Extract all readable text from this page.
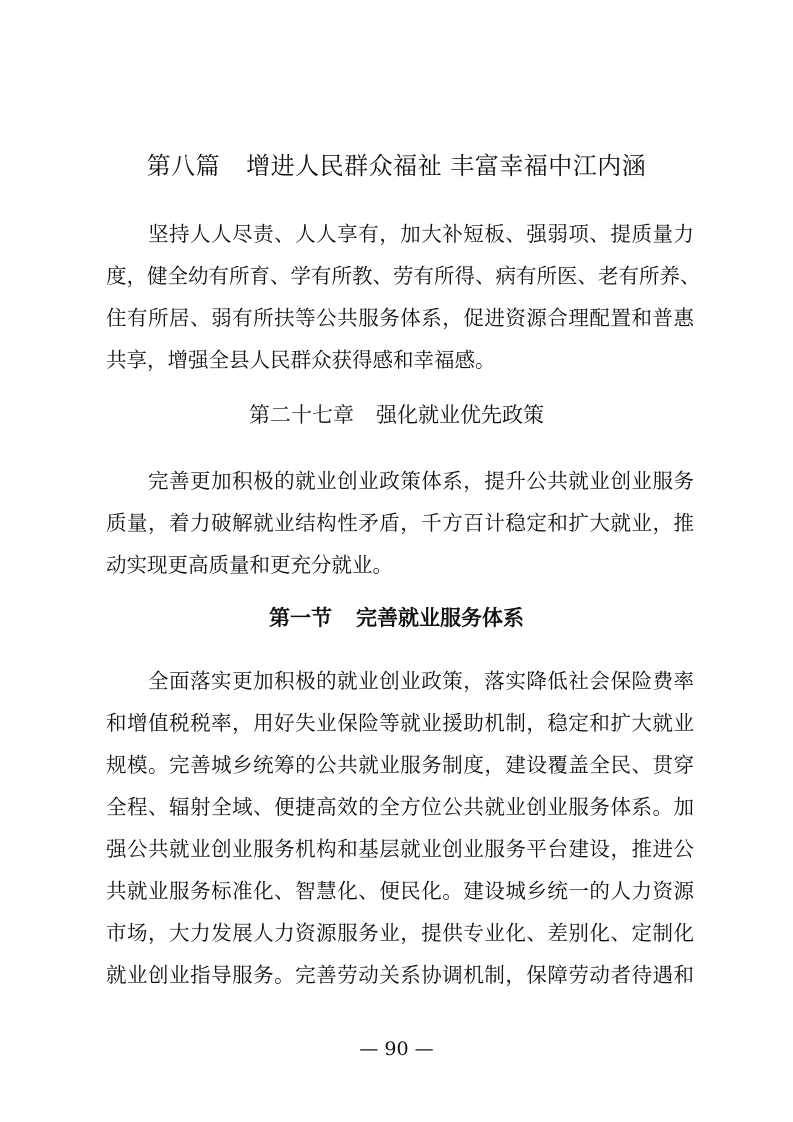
第八篇 增进人民群众福祉 丰富幸福中江内涵
坚持人人尽责、人人享有，加大补短板、强弱项、提质量力
度，健全幼有所育、学有所教、劳有所得、病有所医、老有所养、
住有所居、弱有所扶等公共服务体系，促进资源合理配置和普惠
共享，增强全县人民群众获得感和幸福感。
第二十七章 强化就业优先政策
完善更加积极的就业创业政策体系，提升公共就业创业服务
质量，着力破解就业结构性矛盾，千方百计稳定和扩大就业，推
动实现更高质量和更充分就业。
第一节 完善就业服务体系
全面落实更加积极的就业创业政策，落实降低社会保险费率
和增值税税率，用好失业保险等就业援助机制，稳定和扩大就业
规模。完善城乡统筹的公共就业服务制度，建设覆盖全民、贯穿
全程、辐射全域、便捷高效的全方位公共就业创业服务体系。加
强公共就业创业服务机构和基层就业创业服务平台建设，推进公
共就业服务标准化、智慧化、便民化。建设城乡统一的人力资源
市场，大力发展人力资源服务业，提供专业化、差别化、定制化
就业创业指导服务。完善劳动关系协调机制，保障劳动者待遇和
— 90 —
